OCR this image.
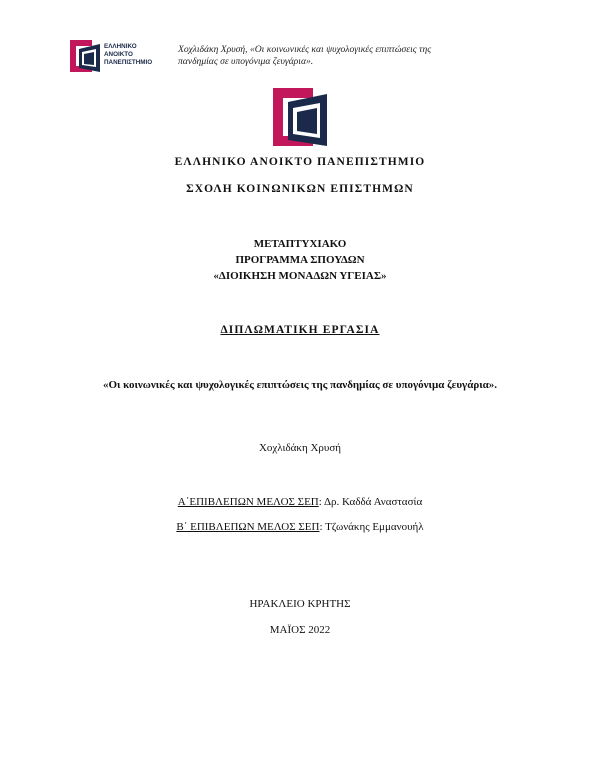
ΕΛΛΗΝΙΚΟ
ΑΝΟΙΚΤΟ
ΠΑΝΕΠΙΣΤΗΜΙΟ
Χοχλιδάκη Χρυσή, «Οι κοινωνικές και ψυχολογικές επιπτώσεις της
πανδημίας σε υπογόνιμα ζευγάρια».
ΕΛΛΗΝΙΚΟ ΑΝΟΙΚΤΟ ΠΑΝΕΠΙΣΤΗΜΙΟ
ΣΧΟΛΗ ΚΟΙΝΩΝΙΚΩΝ ΕΠΙΣΤΗΜΩΝ
ΜΕΤΑΠΤΥΧΙΑΚΟ
ΠΡΟΓΡΑΜΜΑ ΣΠΟΥΔΩΝ
«ΔΙΟΙΚΗΣΗ ΜΟΝΑΔΩΝ ΥΓΕΙΑΣ»
ΔΙΠΛΩΜΑΤΙΚΗ ΕΡΓΑΣΙΑ
«Οι κοινωνικές και ψυχολογικές επιπτώσεις της πανδημίας σε υπογόνιμα ζευγάρια».
Χοχλιδάκη Χρυσή
Α΄ΕΠΙΒΛΕΠΩΝ ΜΕΛΟΣ ΣΕΠ: Δρ. Καδδά Αναστασία
Β΄ ΕΠΙΒΛΕΠΩΝ ΜΕΛΟΣ ΣΕΠ: Τζωνάκης Εμμανουήλ
ΗΡΑΚΛΕΙΟ ΚΡΗΤΗΣ
ΜΑΪΟΣ 2022
